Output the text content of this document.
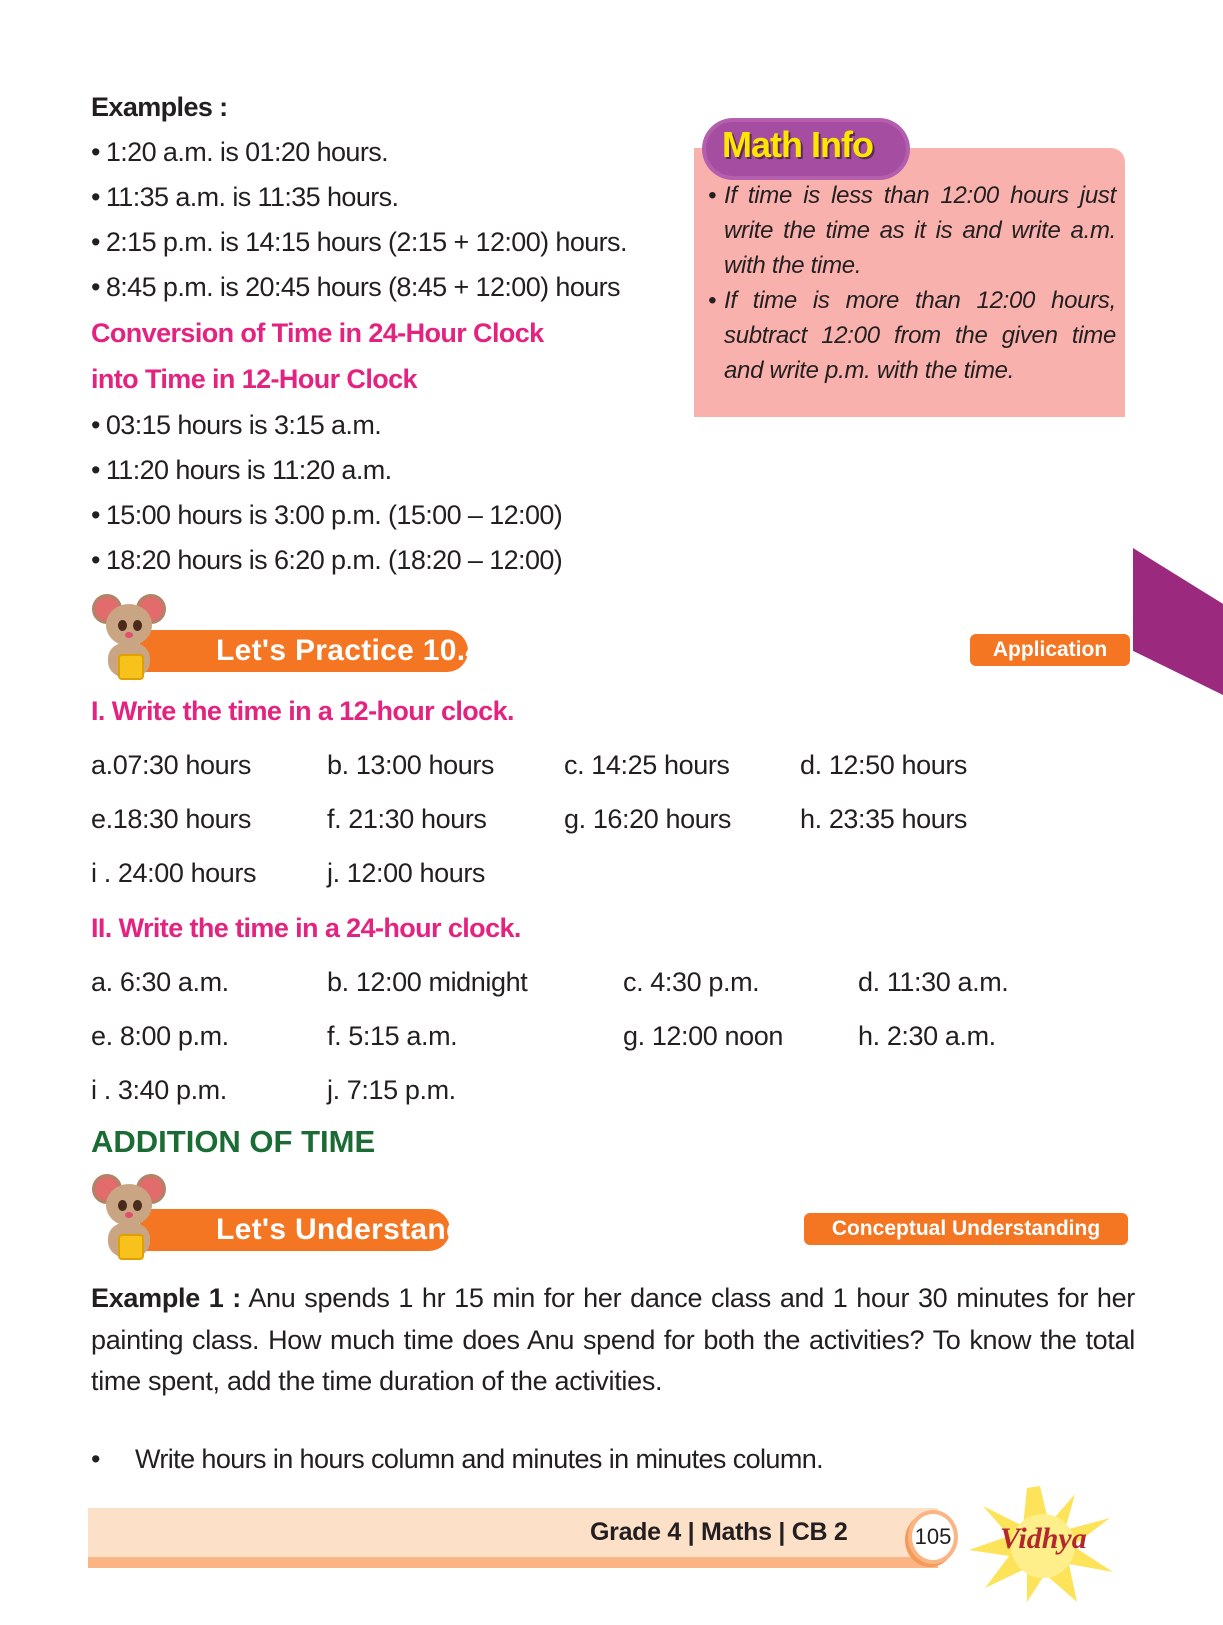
Examples :
• 1:20 a.m. is 01:20 hours.
• 11:35 a.m. is 11:35 hours.
• 2:15 p.m. is 14:15 hours (2:15 + 12:00) hours.
• 8:45 p.m. is 20:45 hours (8:45 + 12:00) hours
Conversion of Time in 24-Hour Clock
into Time in 12-Hour Clock
• 03:15 hours is 3:15 a.m.
• 11:20 hours is 11:20 a.m.
• 15:00 hours is 3:00 p.m. (15:00 – 12:00)
• 18:20 hours is 6:20 p.m. (18:20 – 12:00)
Math Info
• If time is less than 12:00 hours just write the time as it is and write a.m. with the time.
• If time is more than 12:00 hours, subtract 12:00 from the given time and write p.m. with the time.
Let's Practice 10.4	Application
I. Write the time in a 12-hour clock.
a.07:30 hours	b. 13:00 hours	c. 14:25 hours	d. 12:50 hours
e.18:30 hours	f. 21:30 hours	g. 16:20 hours	h. 23:35 hours
i . 24:00 hours	j. 12:00 hours
II. Write the time in a 24-hour clock.
a. 6:30 a.m.	b. 12:00 midnight	c. 4:30 p.m.	d. 11:30 a.m.
e. 8:00 p.m.	f. 5:15 a.m.	g. 12:00 noon	h. 2:30 a.m.
i . 3:40 p.m.	j. 7:15 p.m.
ADDITION OF TIME
Let's Understand	Conceptual Understanding
Example 1 : Anu spends 1 hr 15 min for her dance class and 1 hour 30 minutes for her painting class. How much time does Anu spend for both the activities? To know the total time spent, add the time duration of the activities.
• Write hours in hours column and minutes in minutes column.
Grade 4 | Maths | CB 2	105 Vidhya
